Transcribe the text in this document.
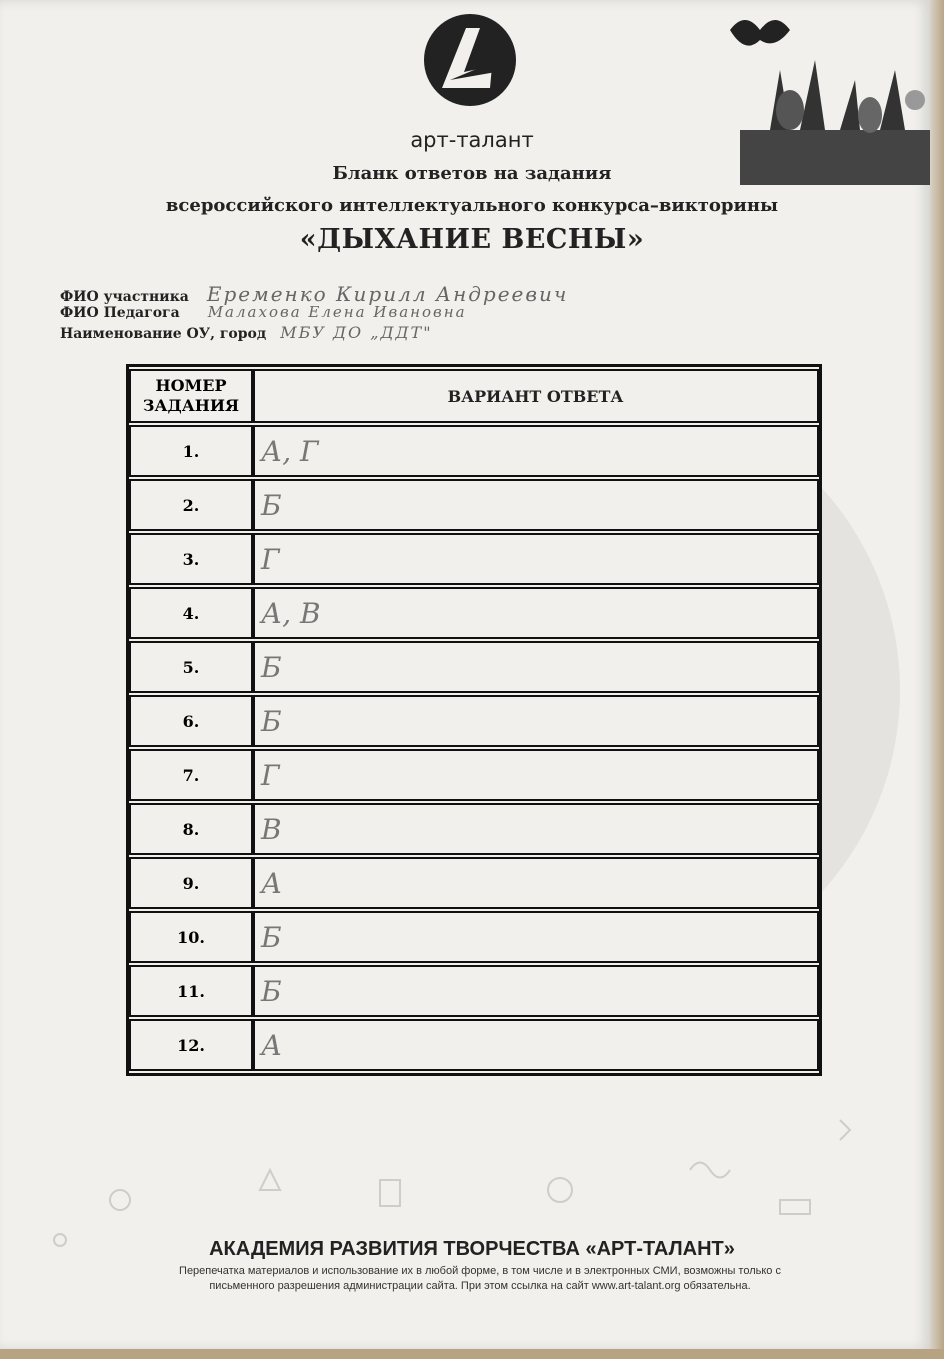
арт-талант
Бланк ответов на задания
всероссийского интеллектуального конкурса–викторины
«ДЫХАНИЕ ВЕСНЫ»
ФИО участника Еременко Кирилл Андреевич
ФИО Педагога Малахова Елена Ивановна
Наименование ОУ, город МБУ ДО „ДДТ"
НОМЕР
ЗАДАНИЯ	ВАРИАНТ ОТВЕТА
1.	А, Г
2.	Б
3.	Г
4.	А, В
5.	Б
6.	Б
7.	Г
8.	В
9.	А
10.	Б
11.	Б
12.	А
АКАДЕМИЯ РАЗВИТИЯ ТВОРЧЕСТВА «АРТ-ТАЛАНТ»
Перепечатка материалов и использование их в любой форме, в том числе и в электронных СМИ, возможны только с
письменного разрешения администрации сайта. При этом ссылка на сайт www.art-talant.org обязательна.
